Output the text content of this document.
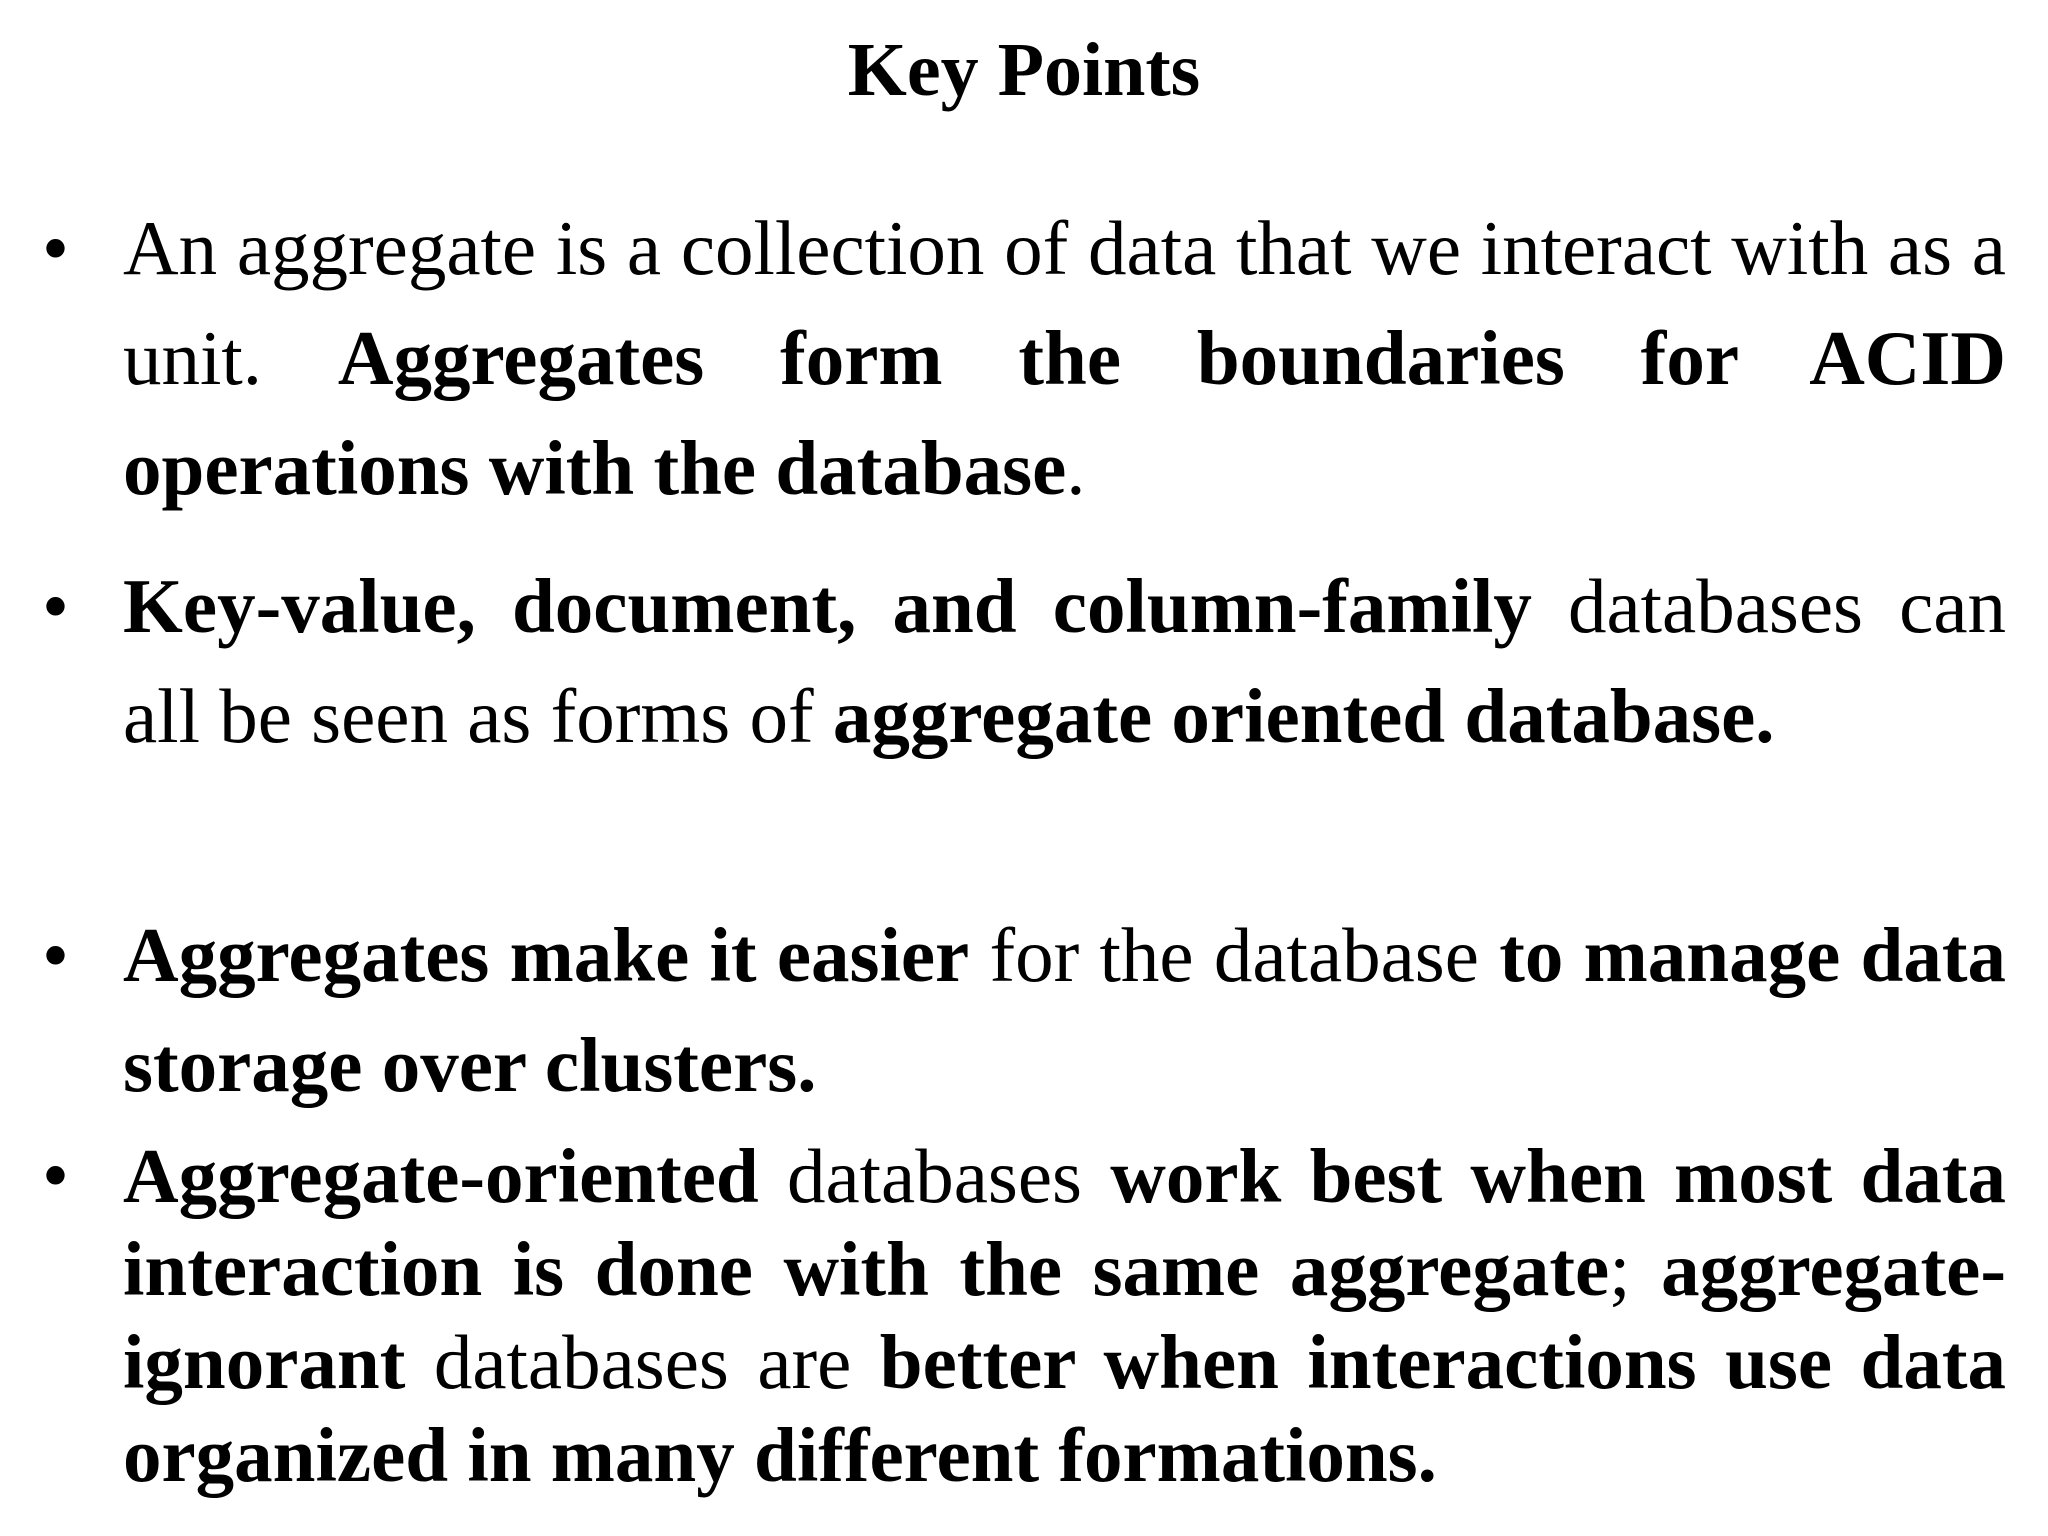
Key Points
• An aggregate is a collection of data that we interact with as a unit. Aggregates form the boundaries for ACID operations with the database.
• Key-value, document, and column-family databases can all be seen as forms of aggregate oriented database.
• Aggregates make it easier for the database to manage data storage over clusters.
• Aggregate-oriented databases work best when most data interaction is done with the same aggregate; aggregate-ignorant databases are better when interactions use data organized in many different formations.
